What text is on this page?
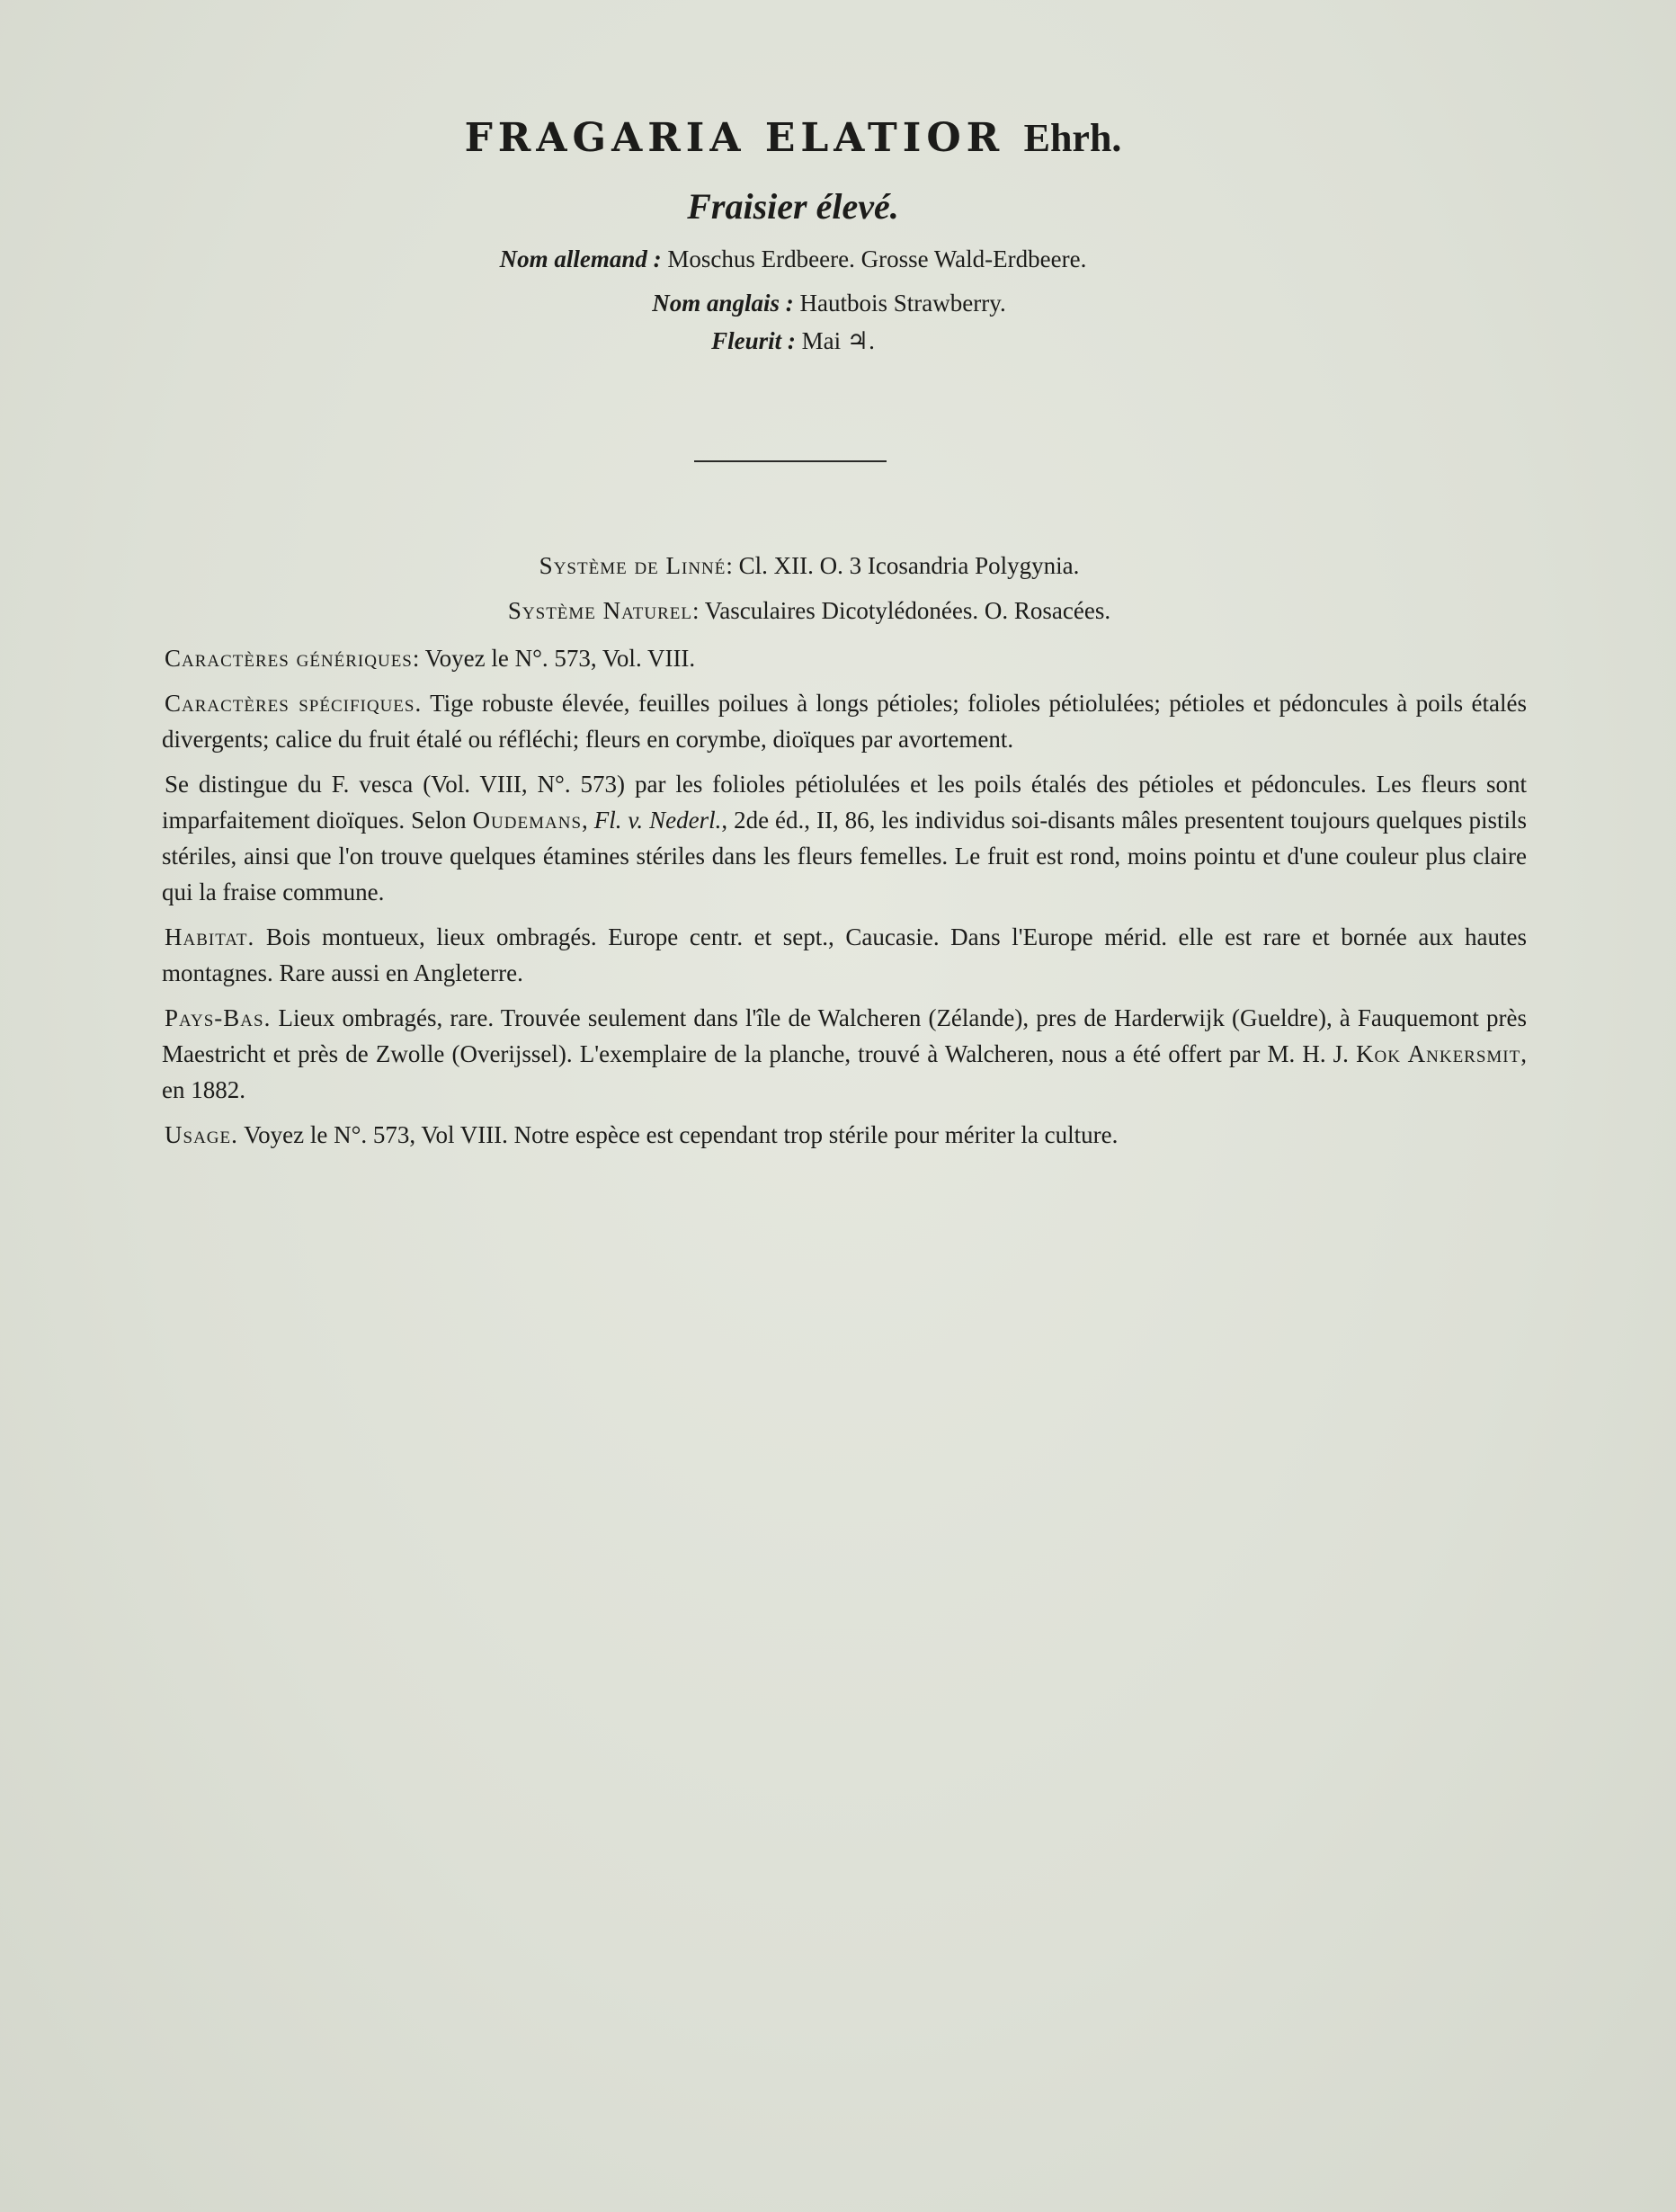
FRAGARIA ELATIOR Ehrh.
Fraisier élevé.
Nom allemand : Moschus Erdbeere. Grosse Wald-Erdbeere.
Nom anglais : Hautbois Strawberry.
Fleurit : Mai ♃.
Système de Linné: Cl. XII. O. 3 Icosandria Polygynia.
Système Naturel: Vasculaires Dicotylédonées. O. Rosacées.

Caractères génériques: Voyez le N°. 573, Vol. VIII.

Caractères spécifiques. Tige robuste élevée, feuilles poilues à longs pétioles; folioles pétiolulées; pétioles et pédoncules à poils étalés divergents; calice du fruit étalé ou réfléchi; fleurs en corymbe, dioïques par avortement.

Se distingue du F. vesca (Vol. VIII, N°. 573) par les folioles pétiolulées et les poils étalés des pétioles et pédoncules. Les fleurs sont imparfaitement dioïques. Selon Oudemans, Fl. v. Nederl., 2de éd., II, 86, les individus soi-disants mâles presentent toujours quelques pistils stériles, ainsi que l'on trouve quelques étamines stériles dans les fleurs femelles. Le fruit est rond, moins pointu et d'une couleur plus claire qui la fraise commune.

Habitat. Bois montueux, lieux ombragés. Europe centr. et sept., Caucasie. Dans l'Europe mérid. elle est rare et bornée aux hautes montagnes. Rare aussi en Angleterre.

Pays-Bas. Lieux ombragés, rare. Trouvée seulement dans l'île de Walcheren (Zélande), pres de Harderwijk (Gueldre), à Fauquemont près Maestricht et près de Zwolle (Overijssel). L'exemplaire de la planche, trouvé à Walcheren, nous a été offert par M. H. J. Kok Ankersmit, en 1882.

Usage. Voyez le N°. 573, Vol VIII. Notre espèce est cependant trop stérile pour mériter la culture.
